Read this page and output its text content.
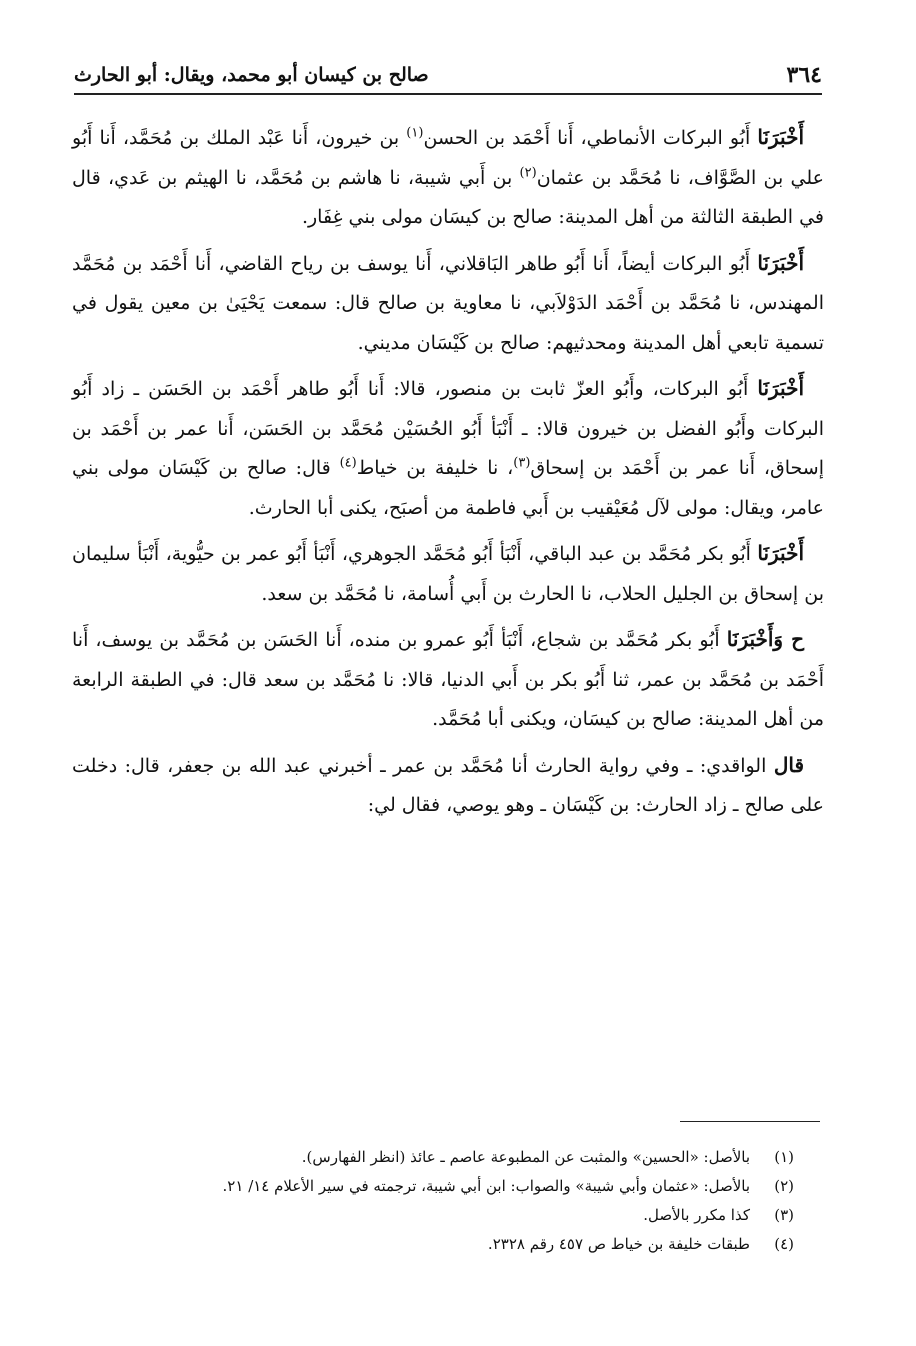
٣٦٤
صالح بن كيسان أبو محمد، ويقال: أبو الحارث

أَخْبَرَنَا أَبُو البركات الأنماطي، أَنا أَحْمَد بن الحسن$^{(١)}$ بن خيرون، أَنا عَبْد الملك بن مُحَمَّد، أَنا أَبُو علي بن الصَّوَّاف، نا مُحَمَّد بن عثمان$^{(٢)}$ بن أَبي شيبة، نا هاشم بن مُحَمَّد، نا الهيثم بن عَدي، قال في الطبقة الثالثة من أهل المدينة: صالح بن كيسَان مولى بني غِفَار.

أَخْبَرَنَا أَبُو البركات أيضاً، أَنا أَبُو طاهر البَاقلاني، أَنا يوسف بن رياح القاضي، أَنا أَحْمَد بن مُحَمَّد المهندس، نا مُحَمَّد بن أَحْمَد الدَوْلاَبي، نا معاوية بن صالح قال: سمعت يَحْيَىٰ بن معين يقول في تسمية تابعي أهل المدينة ومحدثيهم: صالح بن كَيْسَان مديني.

أَخْبَرَنَا أَبُو البركات، وأَبُو العزّ ثابت بن منصور، قالا: أَنا أَبُو طاهر أَحْمَد بن الحَسَن ـ زاد أَبُو البركات وأَبُو الفضل بن خيرون قالا: ـ أَنْبَأ أَبُو الحُسَيْن مُحَمَّد بن الحَسَن، أَنا عمر بن أَحْمَد بن إسحاق، أَنا عمر بن أَحْمَد بن إسحاق$^{(٣)}$، نا خليفة بن خياط$^{(٤)}$ قال: صالح بن كَيْسَان مولى بني عامر، ويقال: مولى لآل مُعَيْقيب بن أَبي فاطمة من أصبَح، يكنى أبا الحارث.

أَخْبَرَنَا أَبُو بكر مُحَمَّد بن عبد الباقي، أَنْبَأ أَبُو مُحَمَّد الجوهري، أَنْبَأ أَبُو عمر بن حيُّوية، أَنْبَأ سليمان بن إسحاق بن الجليل الحلاب، نا الحارث بن أَبي أُسامة، نا مُحَمَّد بن سعد.

ح وَأَخْبَرَنَا أَبُو بكر مُحَمَّد بن شجاع، أَنْبَأ أَبُو عمرو بن منده، أَنا الحَسَن بن مُحَمَّد بن يوسف، أَنا أَحْمَد بن مُحَمَّد بن عمر، ثنا أَبُو بكر بن أَبي الدنيا، قالا: نا مُحَمَّد بن سعد قال: في الطبقة الرابعة من أهل المدينة: صالح بن كيسَان، ويكنى أبا مُحَمَّد.

قال الواقدي: ـ وفي رواية الحارث أنا مُحَمَّد بن عمر ـ أخبرني عبد الله بن جعفر، قال: دخلت على صالح ـ زاد الحارث: بن كَيْسَان ـ وهو يوصي، فقال لي:

(١)
بالأصل: «الحسين» والمثبت عن المطبوعة عاصم ـ عائذ (انظر الفهارس).
(٢)
بالأصل: «عثمان وأبي شيبة» والصواب: ابن أبي شيبة، ترجمته في سير الأعلام ١٤/ ٢١.
(٣)
كذا مكرر بالأصل.
(٤)
طبقات خليفة بن خياط ص ٤٥٧ رقم ٢٣٢٨.
